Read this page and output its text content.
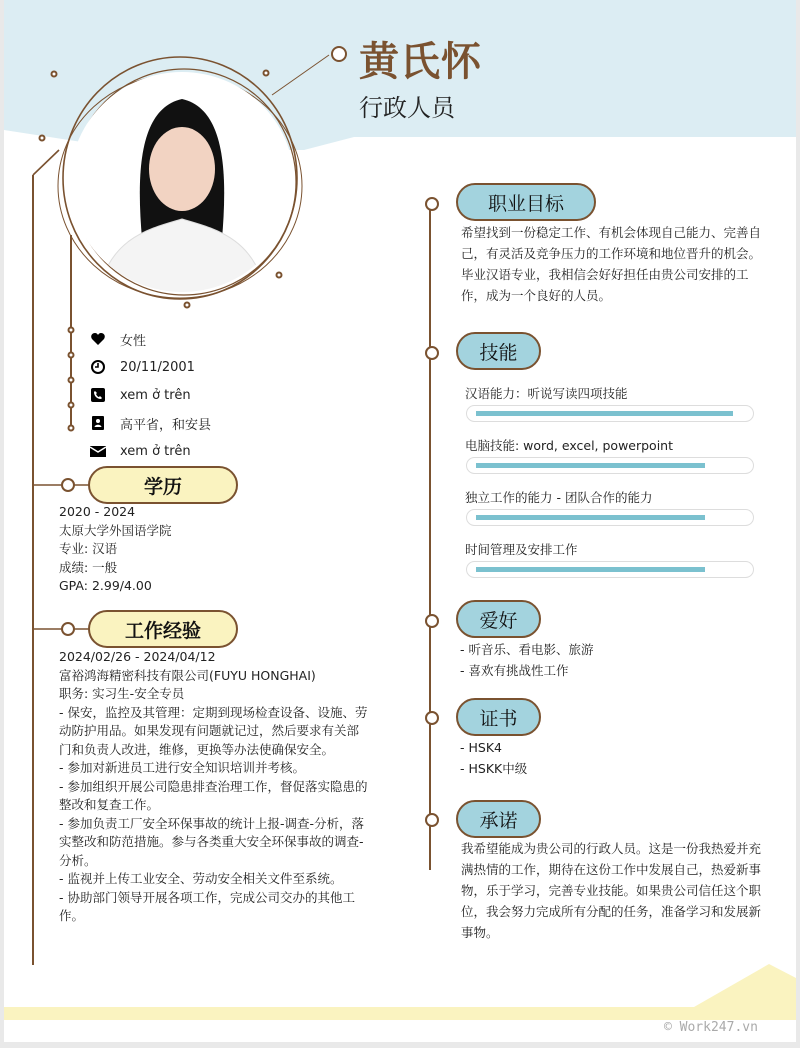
黄氏怀
行政人员
女性
20/11/2001
xem ở trên
高平省，和安县
xem ở trên
学历
2020 - 2024
太原大学外国语学院
专业: 汉语
成绩: 一般
GPA: 2.99/4.00
工作经验
2024/02/26 - 2024/04/12
富裕鸿海精密科技有限公司(FUYU HONGHAI)
职务: 实习生-安全专员
- 保安，监控及其管理：定期到现场检查设备、设施、劳动防护用品。如果发现有问题就记过，然后要求有关部门和负责人改进，维修，更换等办法使确保安全。
- 参加对新进员工进行安全知识培训并考核。
- 参加组织开展公司隐患排查治理工作，督促落实隐患的整改和复查工作。
- 参加负责工厂安全环保事故的统计上报-调查-分析，落实整改和防范措施。参与各类重大安全环保事故的调查-分析。
- 监视并上传工业安全、劳动安全相关文件至系统。
- 协助部门领导开展各项工作，完成公司交办的其他工作。
职业目标
希望找到一份稳定工作、有机会体现自己能力、完善自己，有灵活及竞争压力的工作环境和地位晋升的机会。毕业汉语专业，我相信会好好担任由贵公司安排的工作，成为一个良好的人员。
技能
汉语能力：听说写读四项技能
电脑技能: word, excel, powerpoint
独立工作的能力 - 团队合作的能力
时间管理及安排工作
爱好
- 听音乐、看电影、旅游
- 喜欢有挑战性工作
证书
- HSK4
- HSKK中级
承诺
我希望能成为贵公司的行政人员。这是一份我热爱并充满热情的工作，期待在这份工作中发展自己，热爱新事物，乐于学习，完善专业技能。如果贵公司信任这个职位，我会努力完成所有分配的任务，准备学习和发展新事物。
© Work247.vn
